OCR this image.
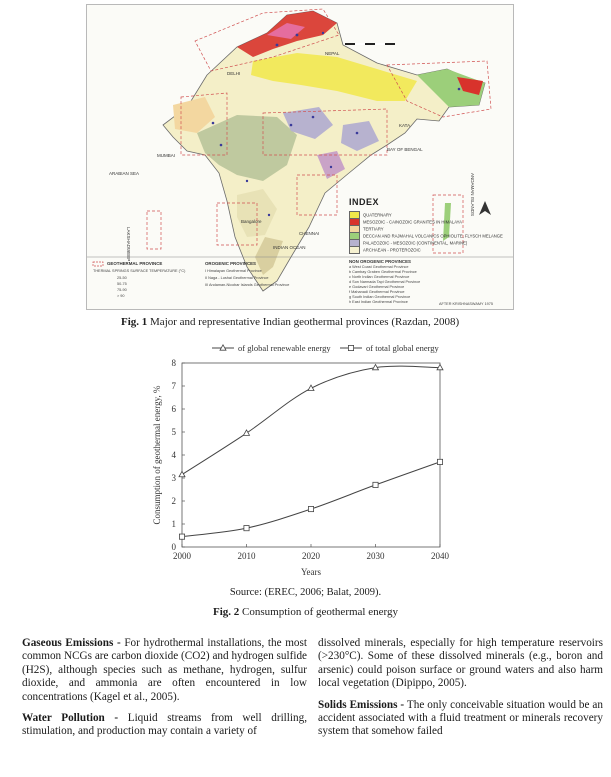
DELHI
MUMBAI
KATA
CHENNAI
Bangalore
ARABIAN SEA
BAY OF BENGAL
INDIAN OCEAN
LAKSHADWEEP
ANDAMAN ISLANDS
NEPAL
INDEX
QUATERNARY
MESOZOIC - CAINOZOIC GRANITES IN HIMALAYA
TERTIARY
DECCAN AND RAJMAHAL VOLCANICS OPHIOLITE, FLYSCH MELANGE
PALAEOZOIC - MESOZOIC (CONTINENTAL, MARINE)
ARCHAEAN - PROTEROZOIC
GEOTHERMAL PROVINCE
THERMAL SPRINGS SURFACE TEMPERATURE (°C)
25-50
50-75
75-90
> 90
OROGENIC PROVINCES
I Himalayan Geothermal Province
II Naga - Lushai Geothermal Province
III Andaman-Nicobar Islands Geothermal Province
NON OROGENIC PROVINCES
a West Coast Geothermal Province
b Cambay Graben Geothermal Province
c North Indian Geothermal Province
d Son Narmada Tapi Geothermal Province
e Godavari Geothermal Province
f Mahanadi Geothermal Province
g South Indian Geothermal Province
h East Indian Geothermal Province	AFTER KRISHNASWAMY 1975
Fig. 1 Major and representative Indian geothermal provinces (Razdan, 2008)
0
1
2
3
4
5
6
7
8
2000	2010	2020	2030	2040
Years
Consumption of geothermal energy, %
of global renewable energy	of total global energy
Source: (EREC, 2006; Balat, 2009).
Fig. 2 Consumption of geothermal energy

Gaseous Emissions - For hydrothermal installations, the most common NCGs are carbon dioxide (CO2) and hydrogen sulfide (H2S), although species such as methane, hydrogen, sulfur dioxide, and ammonia are often encountered in low concentrations (Kagel et al., 2005).

Water Pollution - Liquid streams from well drilling, stimulation, and production may contain a variety of

dissolved minerals, especially for high temperature reservoirs (>230°C). Some of these dissolved minerals (e.g., boron and arsenic) could poison surface or ground waters and also harm local vegetation (Dipippo, 2005).

Solids Emissions - The only conceivable situation would be an accident associated with a fluid treatment or minerals recovery system that somehow failed
